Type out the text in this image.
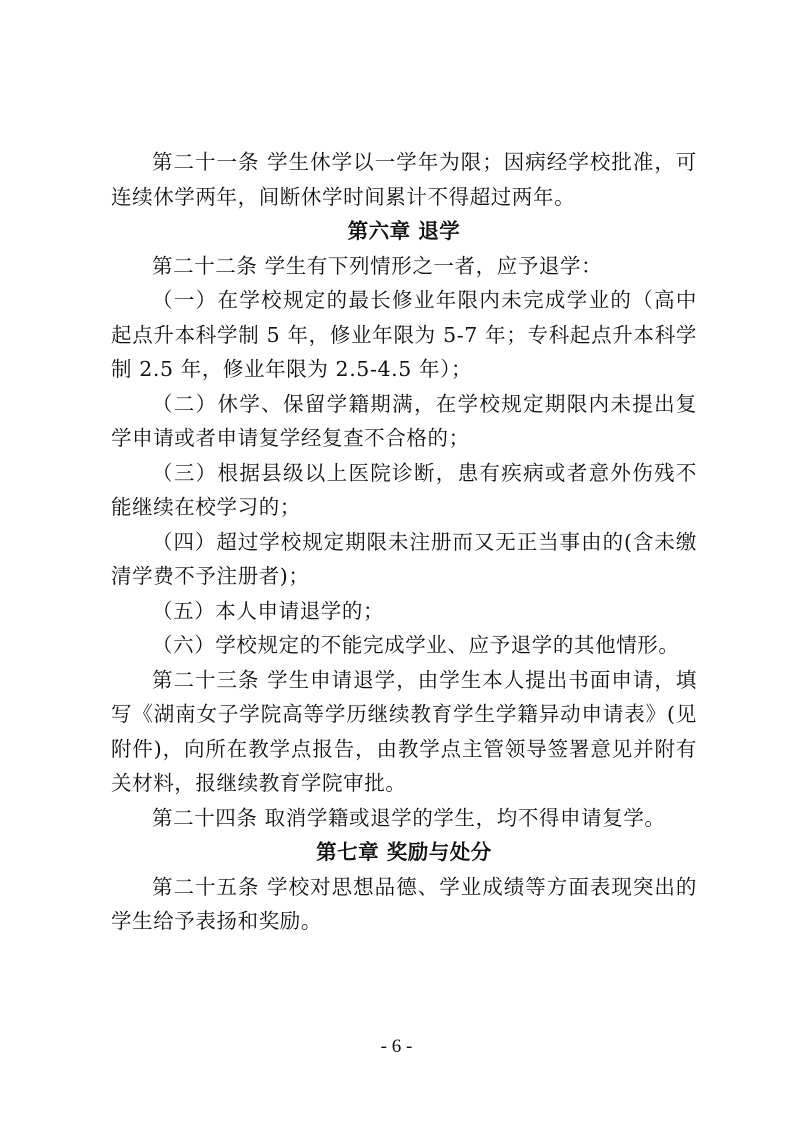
第二十一条 学生休学以一学年为限；因病经学校批准，可连续休学两年，间断休学时间累计不得超过两年。

第六章 退学

第二十二条 学生有下列情形之一者，应予退学：

（一）在学校规定的最长修业年限内未完成学业的（高中起点升本科学制 5 年，修业年限为 5-7 年；专科起点升本科学制 2.5 年，修业年限为 2.5-4.5 年）；

（二）休学、保留学籍期满，在学校规定期限内未提出复学申请或者申请复学经复查不合格的；

（三）根据县级以上医院诊断，患有疾病或者意外伤残不能继续在校学习的；

（四）超过学校规定期限未注册而又无正当事由的(含未缴清学费不予注册者)；

（五）本人申请退学的；

（六）学校规定的不能完成学业、应予退学的其他情形。

第二十三条 学生申请退学，由学生本人提出书面申请，填写《湖南女子学院高等学历继续教育学生学籍异动申请表》(见附件)，向所在教学点报告，由教学点主管领导签署意见并附有关材料，报继续教育学院审批。

第二十四条 取消学籍或退学的学生，均不得申请复学。

第七章 奖励与处分

第二十五条 学校对思想品德、学业成绩等方面表现突出的学生给予表扬和奖励。

- 6 -
